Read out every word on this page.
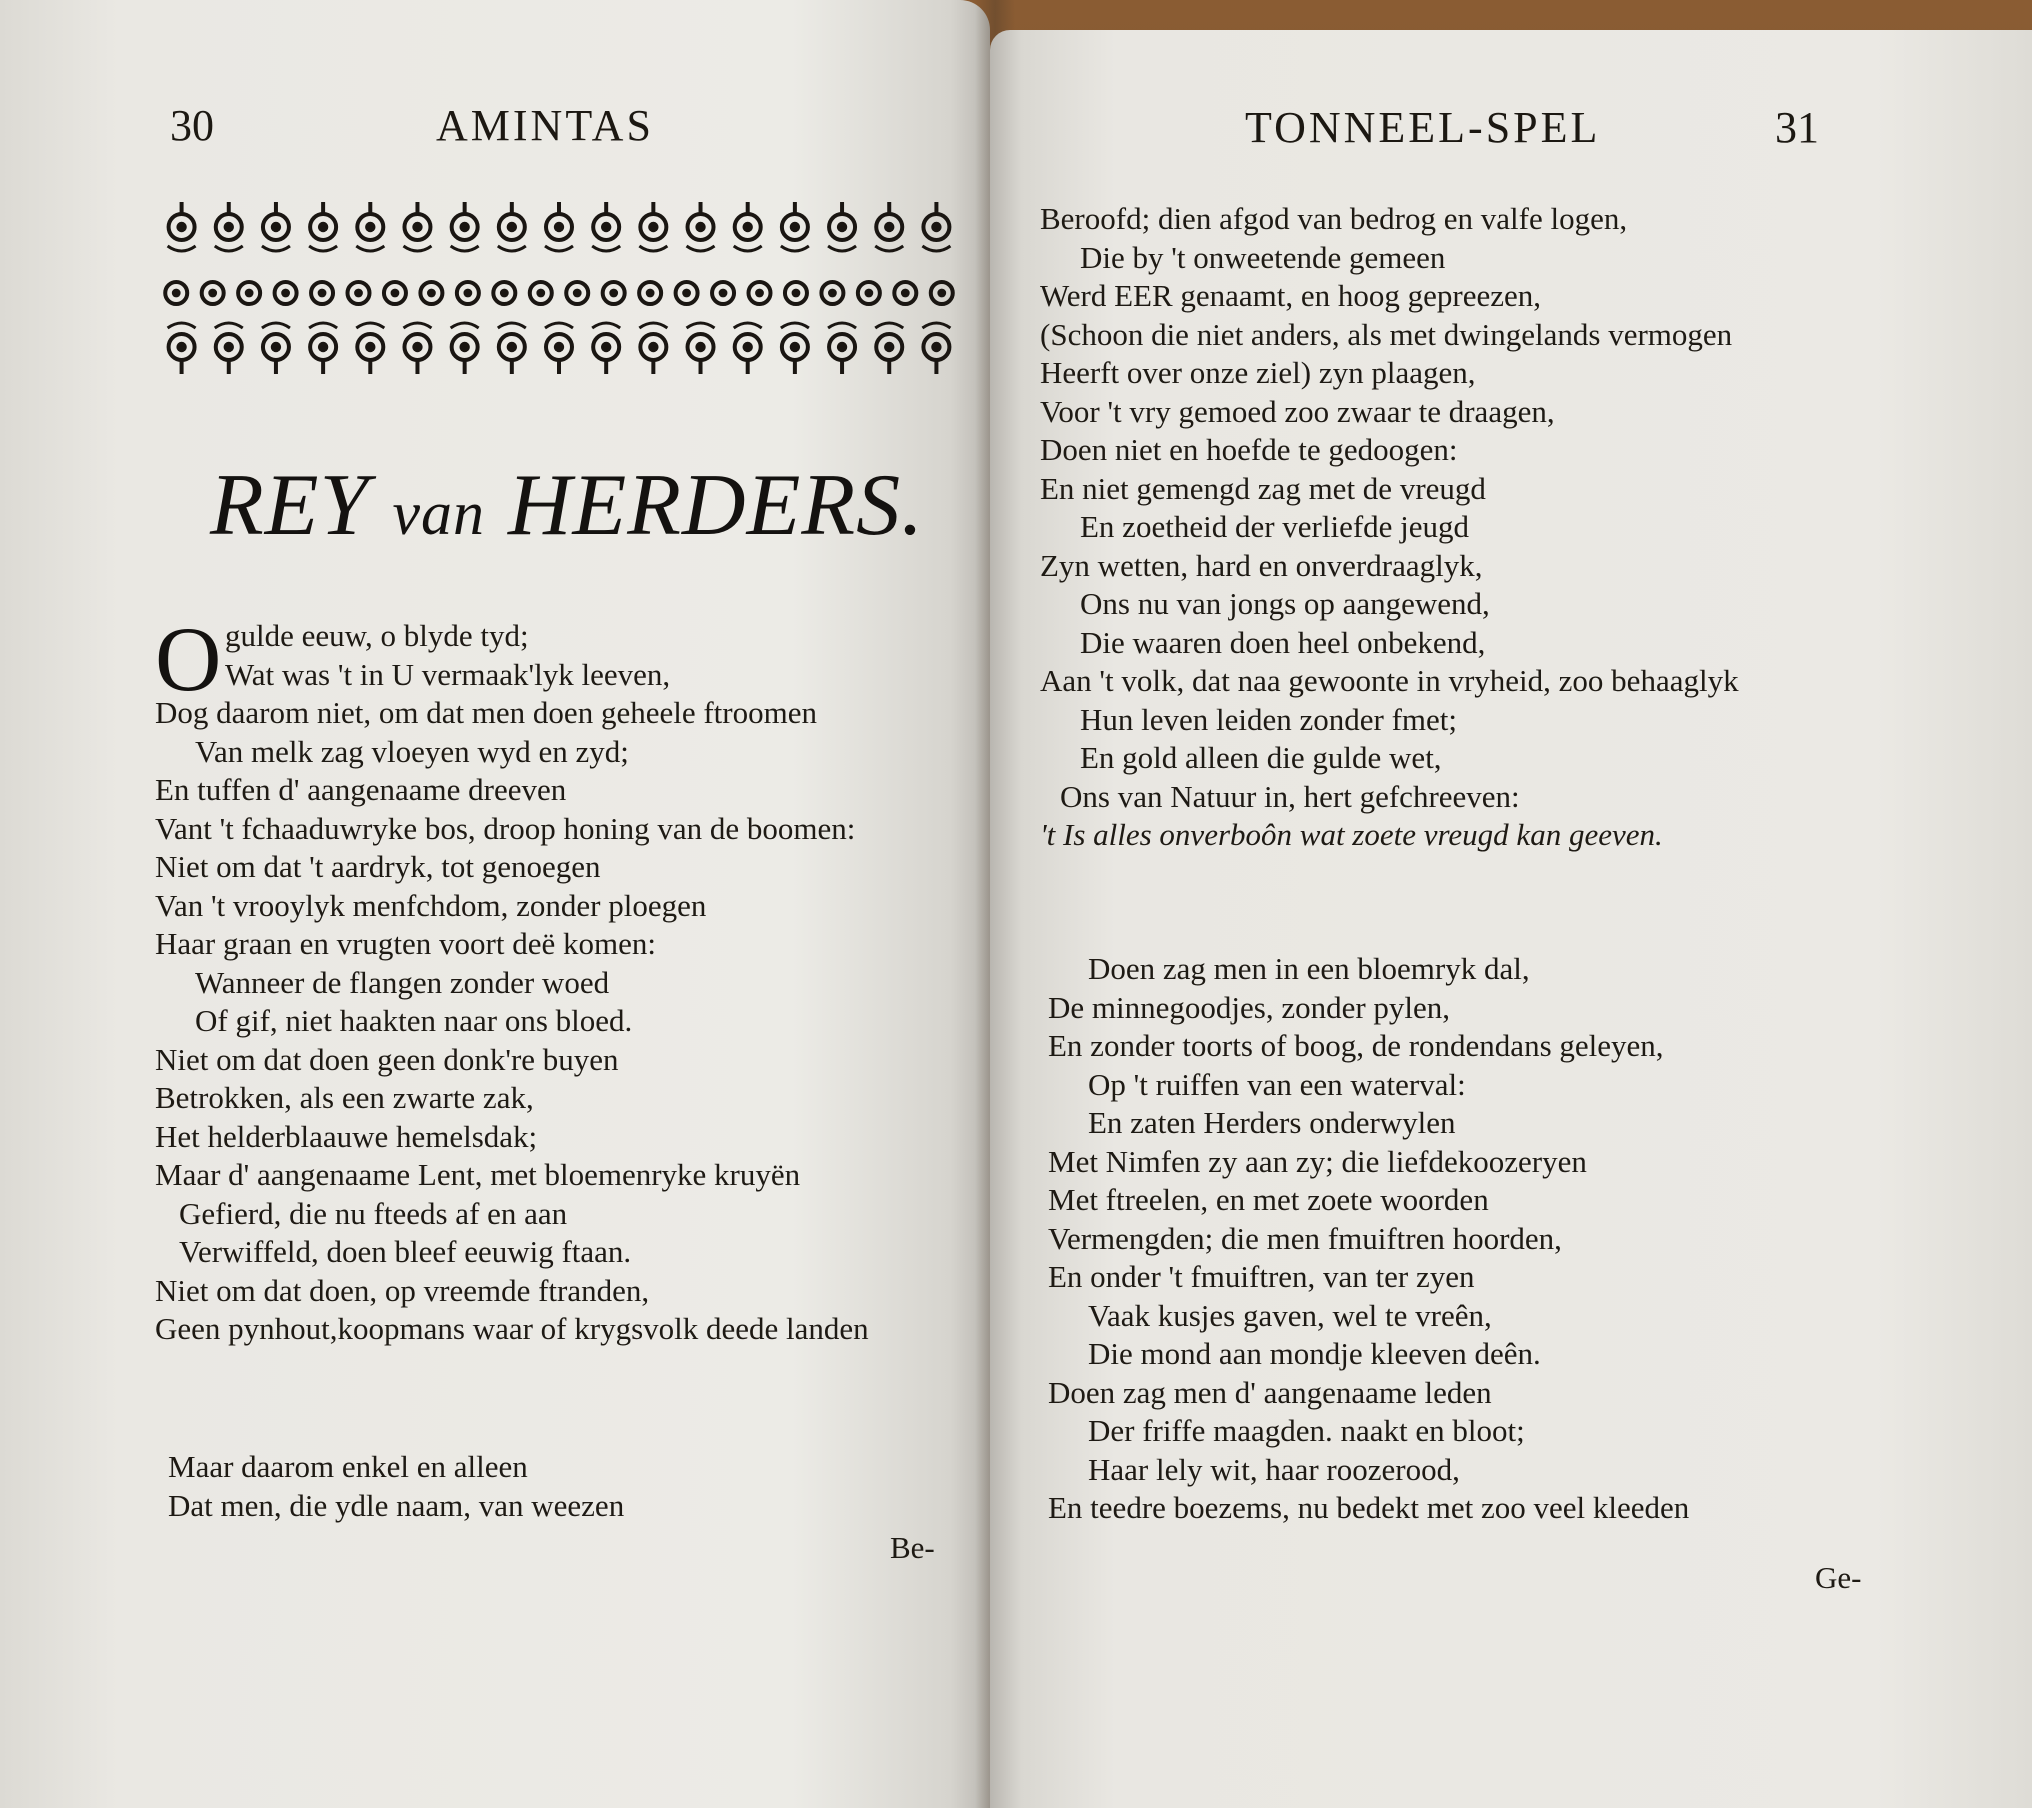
30	AMINTAS
REY van HERDERS.
O gulde eeuw, o blyde tyd;
Wat was 't in U vermaak'lyk leeven,
Dog daarom niet, om dat men doen geheele ftroomen
Van melk zag vloeyen wyd en zyd;
En tuffen d' aangenaame dreeven
Vant 't fchaaduwryke bos, droop honing van de boomen:
Niet om dat 't aardryk, tot genoegen
Van 't vrooylyk menfchdom, zonder ploegen
Haar graan en vrugten voort deë komen:
Wanneer de flangen zonder woed
Of gif, niet haakten naar ons bloed.
Niet om dat doen geen donk're buyen
Betrokken, als een zwarte zak,
Het helderblaauwe hemelsdak;
Maar d' aangenaame Lent, met bloemenryke kruyën
Gefierd, die nu fteeds af en aan
Verwiffeld, doen bleef eeuwig ftaan.
Niet om dat doen, op vreemde ftranden,
Geen pynhout,koopmans waar of krygsvolk deede landen
Maar daarom enkel en alleen
Dat men, die ydle naam, van weezen
Be-
TONNEEL-SPEL	31
Beroofd; dien afgod van bedrog en valfe logen,
Die by 't onweetende gemeen
Werd EER genaamt, en hoog gepreezen,
(Schoon die niet anders, als met dwingelands vermogen
Heerft over onze ziel) zyn plaagen,
Voor 't vry gemoed zoo zwaar te draagen,
Doen niet en hoefde te gedoogen:
En niet gemengd zag met de vreugd
En zoetheid der verliefde jeugd
Zyn wetten, hard en onverdraaglyk,
Ons nu van jongs op aangewend,
Die waaren doen heel onbekend,
Aan 't volk, dat naa gewoonte in vryheid, zoo behaaglyk
Hun leven leiden zonder fmet;
En gold alleen die gulde wet,
Ons van Natuur in, hert gefchreeven:
't Is alles onverboôn wat zoete vreugd kan geeven.
Doen zag men in een bloemryk dal,
De minnegoodjes, zonder pylen,
En zonder toorts of boog, de rondendans geleyen,
Op 't ruiffen van een waterval:
En zaten Herders onderwylen
Met Nimfen zy aan zy; die liefdekoozeryen
Met ftreelen, en met zoete woorden
Vermengden; die men fmuiftren hoorden,
En onder 't fmuiftren, van ter zyen
Vaak kusjes gaven, wel te vreên,
Die mond aan mondje kleeven deên.
Doen zag men d' aangenaame leden
Der friffe maagden. naakt en bloot;
Haar lely wit, haar roozerood,
En teedre boezems, nu bedekt met zoo veel kleeden
Ge-
